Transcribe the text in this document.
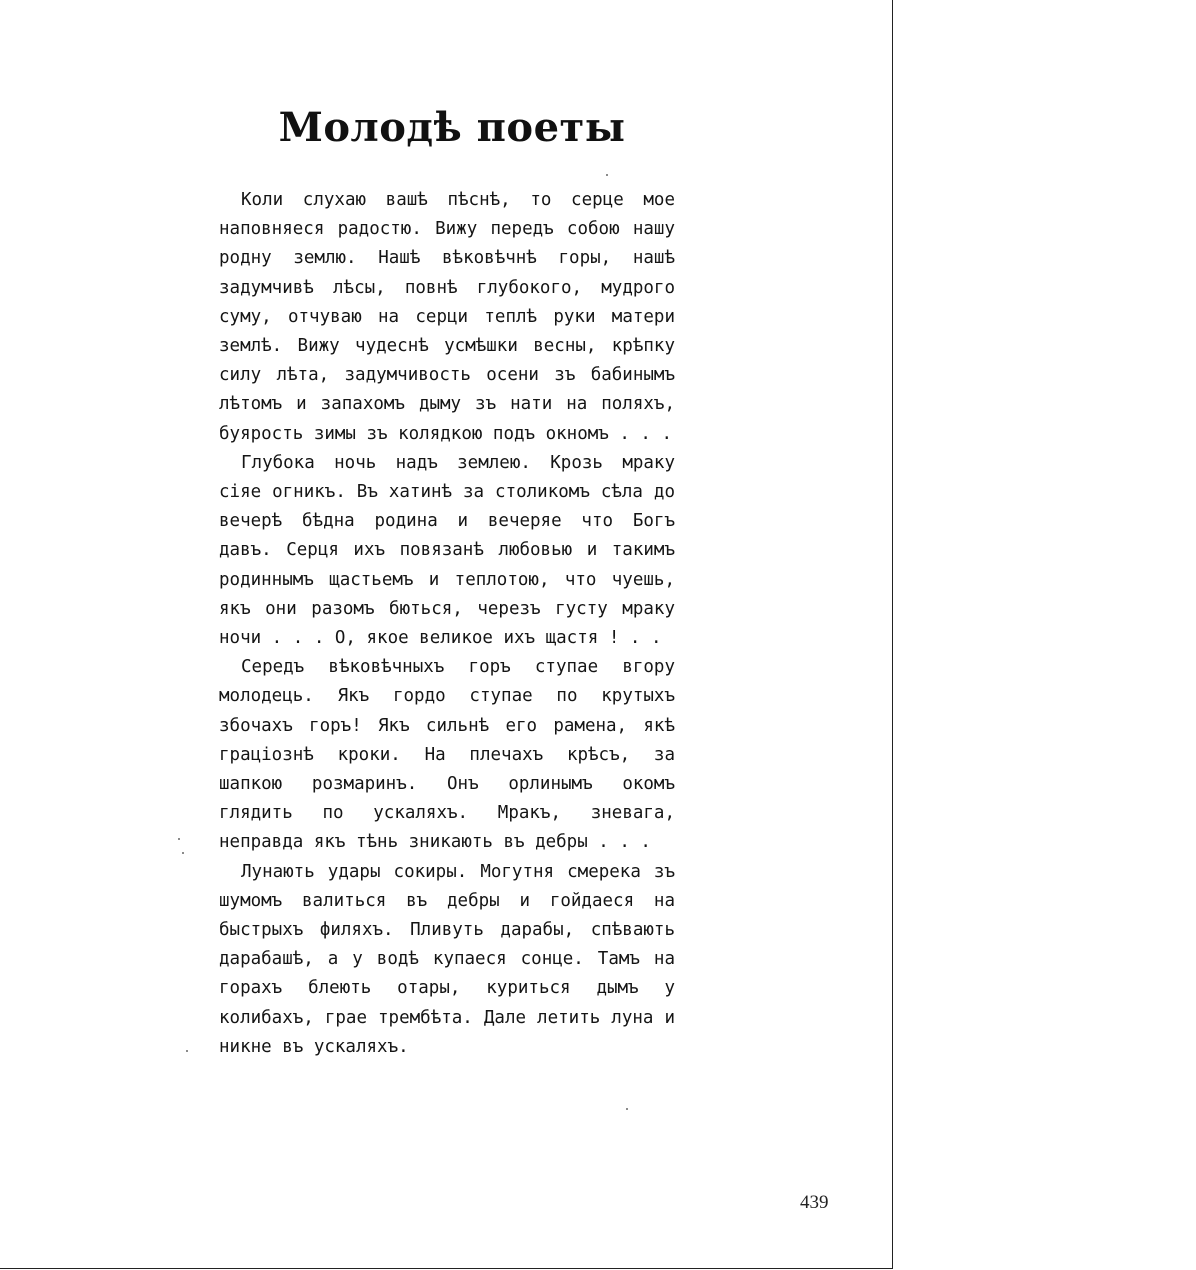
Молодѣ поеты

Коли слухаю вашѣ пѣснѣ, то серце мое наповняеся радостю. Вижу передъ собою нашу родну землю. Нашѣ вѣковѣчнѣ горы, нашѣ задумчивѣ лѣсы, повнѣ глубокого, мудрого суму, отчуваю на серци теплѣ руки матери землѣ. Вижу чудеснѣ усмѣшки весны, крѣпку силу лѣта, задумчивость осени зъ бабинымъ лѣтомъ и запахомъ дыму зъ нати на поляхъ, буярость зимы зъ колядкою подъ окномъ . . .

Глубока ночь надъ землею. Крозь мраку сіяе огникъ. Въ хатинѣ за столикомъ сѣла до вечерѣ бѣдна родина и вечеряе что Богъ давъ. Серця ихъ повязанѣ любовью и такимъ родиннымъ щастьемъ и теплотою, что чуешь, якъ они разомъ бються, черезъ густу мраку ночи . . . О, якое великое ихъ щастя ! . .

Середъ вѣковѣчныхъ горъ ступае вгору молодець. Якъ гордо ступае по крутыхъ збочахъ горъ! Якъ сильнѣ его рамена, якѣ граціознѣ кроки. На плечахъ крѣсъ, за шапкою розмаринъ. Онъ орлинымъ окомъ глядить по ускаляхъ. Мракъ, зневага, неправда якъ тѣнь зникають въ дебры . . .

Лунають удары сокиры. Могутня смерека зъ шумомъ валиться въ дебры и гойдаеся на быстрыхъ филяхъ. Пливуть дарабы, спѣвають дарабашѣ, а у водѣ купаеся сонце. Тамъ на горахъ блеють отары, куриться дымъ у колибахъ, грае трембѣта. Дале летить луна и никне въ ускаляхъ.

439
